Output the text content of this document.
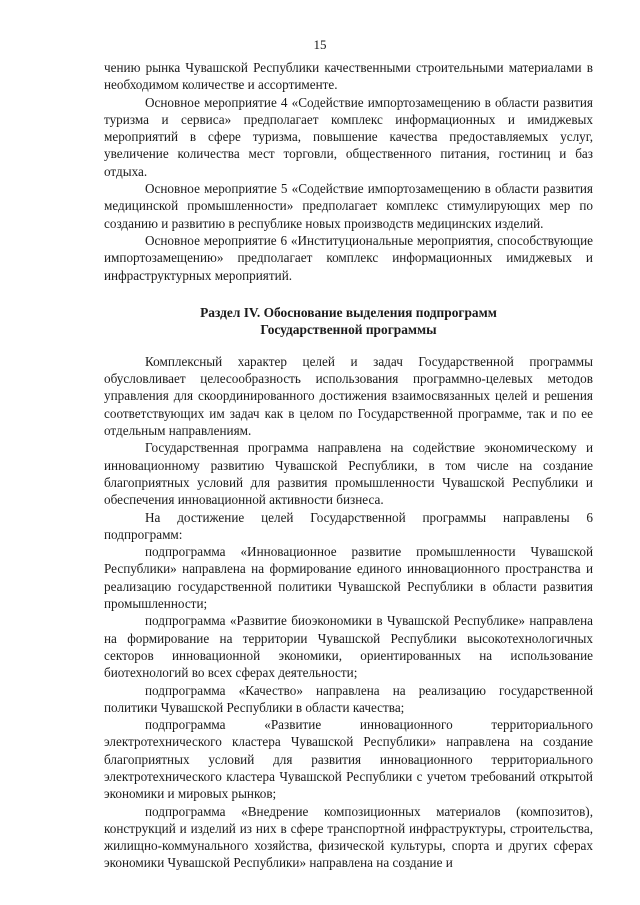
15

чению рынка Чувашской Республики качественными строительными материалами в необходимом количестве и ассортименте.

Основное мероприятие 4 «Содействие импортозамещению в области развития туризма и сервиса» предполагает комплекс информационных и имиджевых мероприятий в сфере туризма, повышение качества предоставляемых услуг, увеличение количества мест торговли, общественного питания, гостиниц и баз отдыха.

Основное мероприятие 5 «Содействие импортозамещению в области развития медицинской промышленности» предполагает комплекс стимулирующих мер по созданию и развитию в республике новых производств медицинских изделий.

Основное мероприятие 6 «Институциональные мероприятия, способствующие импортозамещению» предполагает комплекс информационных имиджевых и инфраструктурных мероприятий.

Раздел IV. Обоснование выделения подпрограмм
Государственной программы

Комплексный характер целей и задач Государственной программы обусловливает целесообразность использования программно-целевых методов управления для скоординированного достижения взаимосвязанных целей и решения соответствующих им задач как в целом по Государственной программе, так и по ее отдельным направлениям.

Государственная программа направлена на содействие экономическому и инновационному развитию Чувашской Республики, в том числе на создание благоприятных условий для развития промышленности Чувашской Республики и обеспечения инновационной активности бизнеса.

На достижение целей Государственной программы направлены 6 подпрограмм:

подпрограмма «Инновационное развитие промышленности Чувашской Республики» направлена на формирование единого инновационного пространства и реализацию государственной политики Чувашской Республики в области развития промышленности;

подпрограмма «Развитие биоэкономики в Чувашской Республике» направлена на формирование на территории Чувашской Республики высокотехнологичных секторов инновационной экономики, ориентированных на использование биотехнологий во всех сферах деятельности;

подпрограмма «Качество» направлена на реализацию государственной политики Чувашской Республики в области качества;

подпрограмма «Развитие инновационного территориального электротехнического кластера Чувашской Республики» направлена на создание благоприятных условий для развития инновационного территориального электротехнического кластера Чувашской Республики с учетом требований открытой экономики и мировых рынков;

подпрограмма «Внедрение композиционных материалов (композитов), конструкций и изделий из них в сфере транспортной инфраструктуры, строительства, жилищно-коммунального хозяйства, физической культуры, спорта и других сферах экономики Чувашской Республики» направлена на создание и
